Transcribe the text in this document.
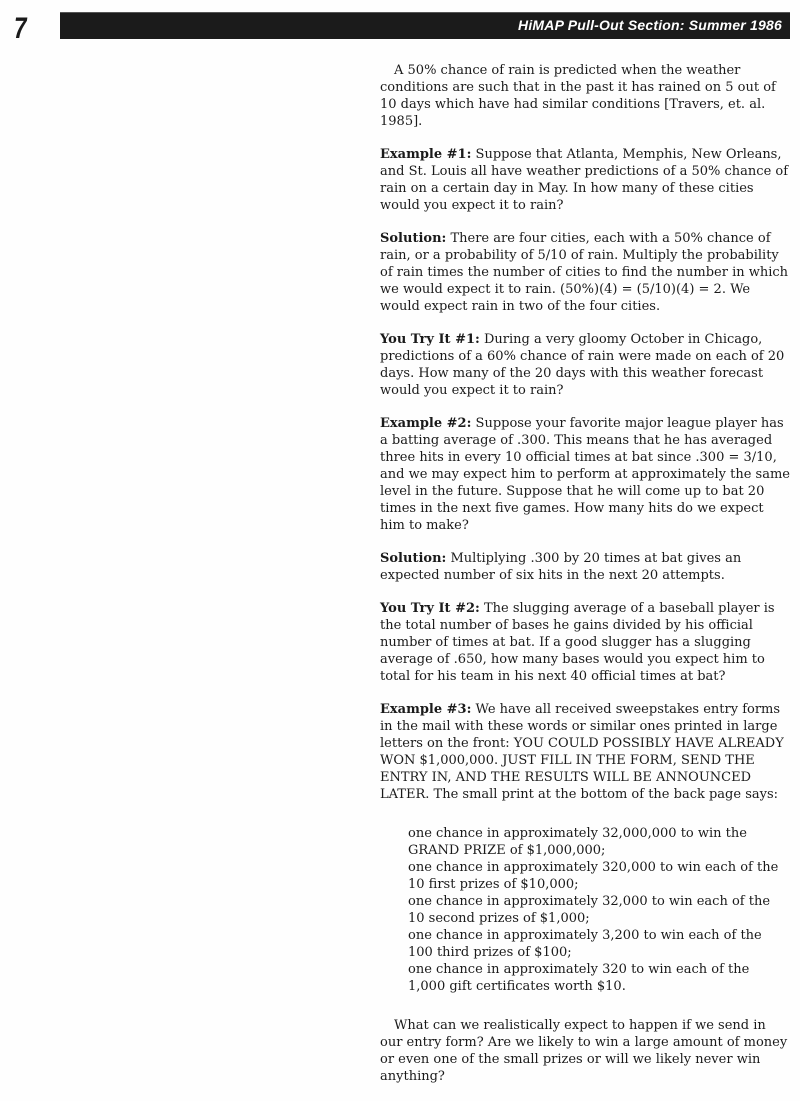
7	HiMAP Pull-Out Section: Summer 1986

A 50% chance of rain is predicted when the weather conditions are such that in the past it has rained on 5 out of 10 days which have had similar conditions [Travers, et. al. 1985].

Example #1: Suppose that Atlanta, Memphis, New Orleans, and St. Louis all have weather predictions of a 50% chance of rain on a certain day in May. In how many of these cities would you expect it to rain?

Solution: There are four cities, each with a 50% chance of rain, or a probability of 5/10 of rain. Multiply the probability of rain times the number of cities to find the number in which we would expect it to rain. (50%)(4) = (5/10)(4) = 2. We would expect rain in two of the four cities.

You Try It #1: During a very gloomy October in Chicago, predictions of a 60% chance of rain were made on each of 20 days. How many of the 20 days with this weather forecast would you expect it to rain?

Example #2: Suppose your favorite major league player has a batting average of .300. This means that he has averaged three hits in every 10 official times at bat since .300 = 3/10, and we may expect him to perform at approximately the same level in the future. Suppose that he will come up to bat 20 times in the next five games. How many hits do we expect him to make?

Solution: Multiplying .300 by 20 times at bat gives an expected number of six hits in the next 20 attempts.

You Try It #2: The slugging average of a baseball player is the total number of bases he gains divided by his official number of times at bat. If a good slugger has a slugging average of .650, how many bases would you expect him to total for his team in his next 40 official times at bat?

Example #3: We have all received sweepstakes entry forms in the mail with these words or similar ones printed in large letters on the front: YOU COULD POSSIBLY HAVE ALREADY WON $1,000,000. JUST FILL IN THE FORM, SEND THE ENTRY IN, AND THE RESULTS WILL BE ANNOUNCED LATER. The small print at the bottom of the back page says:

one chance in approximately 32,000,000 to win the GRAND PRIZE of $1,000,000;
one chance in approximately 320,000 to win each of the 10 first prizes of $10,000;
one chance in approximately 32,000 to win each of the 10 second prizes of $1,000;
one chance in approximately 3,200 to win each of the 100 third prizes of $100;
one chance in approximately 320 to win each of the 1,000 gift certificates worth $10.

What can we realistically expect to happen if we send in our entry form? Are we likely to win a large amount of money or even one of the small prizes or will we likely never win anything?
